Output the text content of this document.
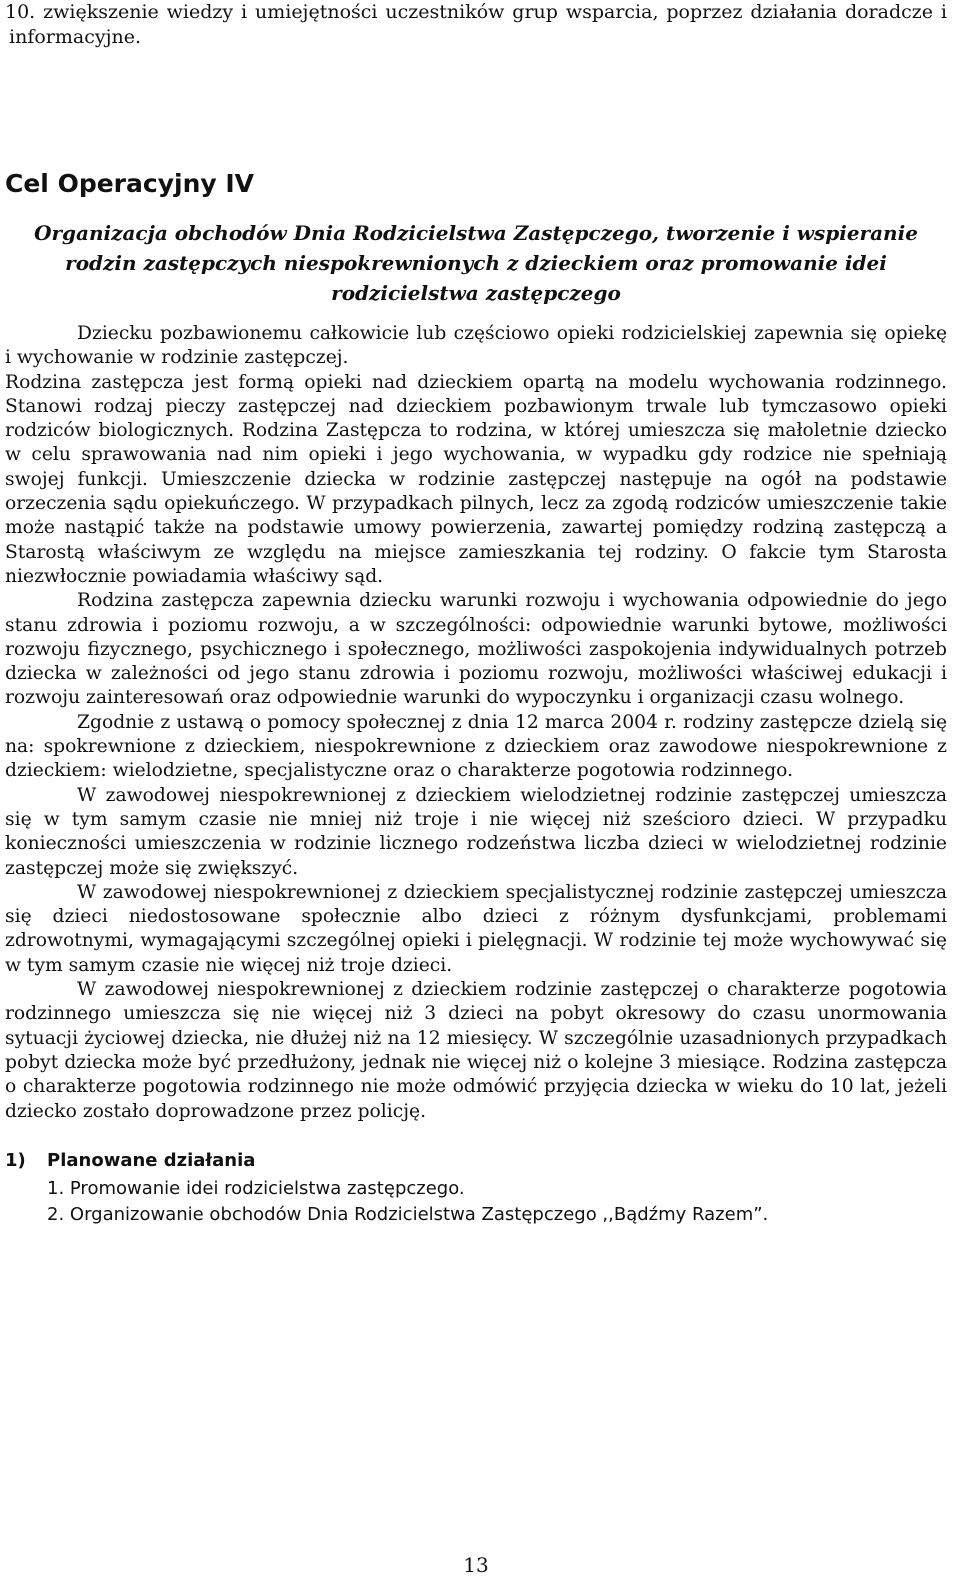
10. zwiększenie wiedzy i umiejętności uczestników grup wsparcia, poprzez działania doradcze i informacyjne.

Cel Operacyjny IV

Organizacja obchodów Dnia Rodzicielstwa Zastępczego, tworzenie i wspieranie rodzin zastępczych niespokrewnionych z dzieckiem oraz promowanie idei rodzicielstwa zastępczego

Dziecku pozbawionemu całkowicie lub częściowo opieki rodzicielskiej zapewnia się opiekę i wychowanie w rodzinie zastępczej.

Rodzina zastępcza jest formą opieki nad dzieckiem opartą na modelu wychowania rodzinnego. Stanowi rodzaj pieczy zastępczej nad dzieckiem pozbawionym trwale lub tymczasowo opieki rodziców biologicznych. Rodzina Zastępcza to rodzina, w której umieszcza się małoletnie dziecko w celu sprawowania nad nim opieki i jego wychowania, w wypadku gdy rodzice nie spełniają swojej funkcji. Umieszczenie dziecka w rodzinie zastępczej następuje na ogół na podstawie orzeczenia sądu opiekuńczego. W przypadkach pilnych, lecz za zgodą rodziców umieszczenie takie może nastąpić także na podstawie umowy powierzenia, zawartej pomiędzy rodziną zastępczą a Starostą właściwym ze względu na miejsce zamieszkania tej rodziny. O fakcie tym Starosta niezwłocznie powiadamia właściwy sąd.

Rodzina zastępcza zapewnia dziecku warunki rozwoju i wychowania odpowiednie do jego stanu zdrowia i poziomu rozwoju, a w szczególności: odpowiednie warunki bytowe, możliwości rozwoju fizycznego, psychicznego i społecznego, możliwości zaspokojenia indywidualnych potrzeb dziecka w zależności od jego stanu zdrowia i poziomu rozwoju, możliwości właściwej edukacji i rozwoju zainteresowań oraz odpowiednie warunki do wypoczynku i organizacji czasu wolnego.

Zgodnie z ustawą o pomocy społecznej z dnia 12 marca 2004 r. rodziny zastępcze dzielą się na: spokrewnione z dzieckiem, niespokrewnione z dzieckiem oraz zawodowe niespokrewnione z dzieckiem: wielodzietne, specjalistyczne oraz o charakterze pogotowia rodzinnego.

W zawodowej niespokrewnionej z dzieckiem wielodzietnej rodzinie zastępczej umieszcza się w tym samym czasie nie mniej niż troje i nie więcej niż sześcioro dzieci. W przypadku konieczności umieszczenia w rodzinie licznego rodzeństwa liczba dzieci w wielodzietnej rodzinie zastępczej może się zwiększyć.

W zawodowej niespokrewnionej z dzieckiem specjalistycznej rodzinie zastępczej umieszcza się dzieci niedostosowane społecznie albo dzieci z różnym dysfunkcjami, problemami zdrowotnymi, wymagającymi szczególnej opieki i pielęgnacji. W rodzinie tej może wychowywać się w tym samym czasie nie więcej niż troje dzieci.

W zawodowej niespokrewnionej z dzieckiem rodzinie zastępczej o charakterze pogotowia rodzinnego umieszcza się nie więcej niż 3 dzieci na pobyt okresowy do czasu unormowania sytuacji życiowej dziecka, nie dłużej niż na 12 miesięcy. W szczególnie uzasadnionych przypadkach pobyt dziecka może być przedłużony, jednak nie więcej niż o kolejne 3 miesiące. Rodzina zastępcza o charakterze pogotowia rodzinnego nie może odmówić przyjęcia dziecka w wieku do 10 lat, jeżeli dziecko zostało doprowadzone przez policję.

1) Planowane działania

1. Promowanie idei rodzicielstwa zastępczego.
2. Organizowanie obchodów Dnia Rodzicielstwa Zastępczego ,,Bądźmy Razem”.
13
